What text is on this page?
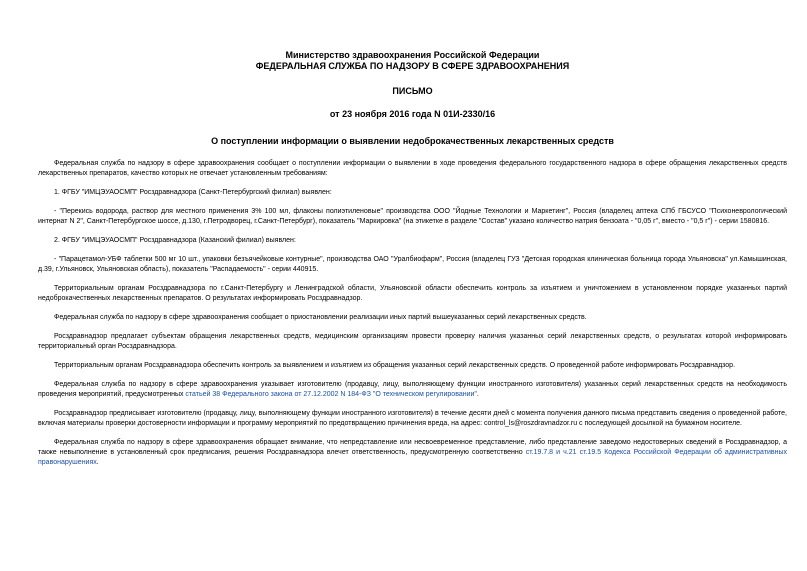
Министерство здравоохранения Российской Федерации
ФЕДЕРАЛЬНАЯ СЛУЖБА ПО НАДЗОРУ В СФЕРЕ ЗДРАВООХРАНЕНИЯ
ПИСЬМО
от 23 ноября 2016 года N 01И-2330/16
О поступлении информации о выявлении недоброкачественных лекарственных средств

Федеральная служба по надзору в сфере здравоохранения сообщает о поступлении информации о выявлении в ходе проведения федерального государственного надзора в сфере обращения лекарственных средств лекарственных препаратов, качество которых не отвечает установленным требованиям:

1. ФГБУ "ИМЦЭУАОСМП" Росздравнадзора (Санкт-Петербургский филиал) выявлен:

- "Перекись водорода, раствор для местного применения 3% 100 мл, флаконы полиэтиленовые" производства ООО "Йодные Технологии и Маркетинг", Россия (владелец аптека СПб ГБСУСО "Психоневрологический интернат N 2", Санкт-Петербургское шоссе, д.130, г.Петродворец, г.Санкт-Петербург), показатель "Маркировка" (на этикетке в разделе "Состав" указано количество натрия бензоата - "0,05 г", вместо - "0,5 г") - серии 1580816.

2. ФГБУ "ИМЦЭУАОСМП" Росздравнадзора (Казанский филиал) выявлен:

- "Парацетамол-УБФ таблетки 500 мг 10 шт., упаковки безъячейковые контурные", производства ОАО "Уралбиофарм", Россия (владелец ГУЗ "Детская городская клиническая больница города Ульяновска" ул.Камышинская, д.39, г.Ульяновск, Ульяновская область), показатель "Распадаемость" - серии 440915.

Территориальным органам Росздравнадзора по г.Санкт-Петербургу и Ленинградской области, Ульяновской области обеспечить контроль за изъятием и уничтожением в установленном порядке указанных партий недоброкачественных лекарственных препаратов. О результатах информировать Росздравнадзор.

Федеральная служба по надзору в сфере здравоохранения сообщает о приостановлении реализации иных партий вышеуказанных серий лекарственных средств.

Росздравнадзор предлагает субъектам обращения лекарственных средств, медицинским организациям провести проверку наличия указанных серий лекарственных средств, о результатах которой информировать территориальный орган Росздравнадзора.

Территориальным органам Росздравнадзора обеспечить контроль за выявлением и изъятием из обращения указанных серий лекарственных средств. О проведенной работе информировать Росздравнадзор.

Федеральная служба по надзору в сфере здравоохранения указывает изготовителю (продавцу, лицу, выполняющему функции иностранного изготовителя) указанных серий лекарственных средств на необходимость проведения мероприятий, предусмотренных статьей 38 Федерального закона от 27.12.2002 N 184-ФЗ "О техническом регулировании".

Росздравнадзор предписывает изготовителю (продавцу, лицу, выполняющему функции иностранного изготовителя) в течение десяти дней с момента получения данного письма представить сведения о проведенной работе, включая материалы проверки достоверности информации и программу мероприятий по предотвращению причинения вреда, на адрес: control_ls@roszdravnadzor.ru с последующей досылкой на бумажном носителе.

Федеральная служба по надзору в сфере здравоохранения обращает внимание, что непредставление или несвоевременное представление, либо представление заведомо недостоверных сведений в Росздравнадзор, а также невыполнение в установленный срок предписания, решения Росздравнадзора влечет ответственность, предусмотренную соответственно ст.19.7.8 и ч.21 ст.19.5 Кодекса Российской Федерации об административных правонарушениях.
